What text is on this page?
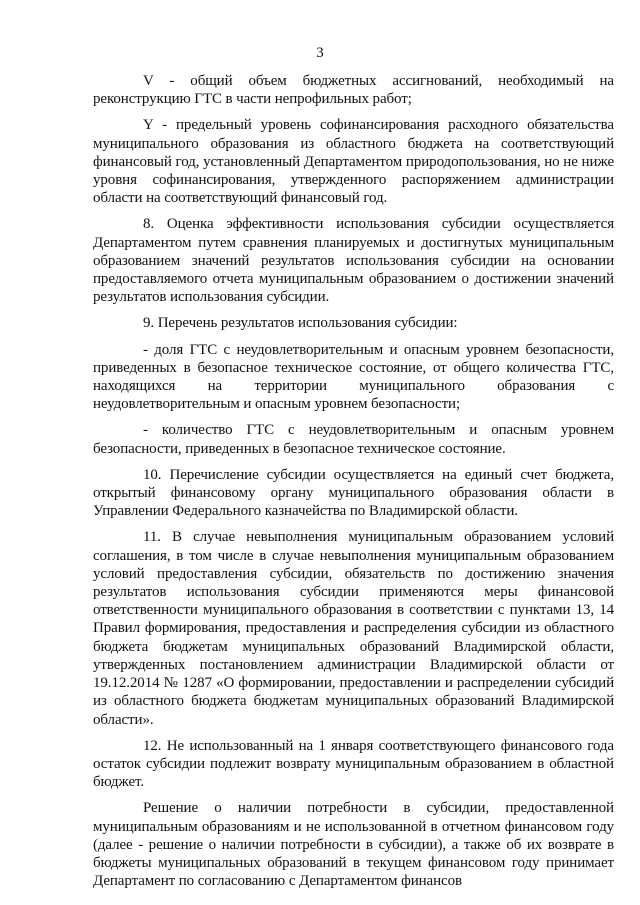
3

V - общий объем бюджетных ассигнований, необходимый на реконструкцию ГТС в части непрофильных работ;

Y - предельный уровень софинансирования расходного обязательства муниципального образования из областного бюджета на соответствующий финансовый год, установленный Департаментом природопользования, но не ниже уровня софинансирования, утвержденного распоряжением администрации области на соответствующий финансовый год.

8. Оценка эффективности использования субсидии осуществляется Департаментом путем сравнения планируемых и достигнутых муниципальным образованием значений результатов использования субсидии на основании предоставляемого отчета муниципальным образованием о достижении значений результатов использования субсидии.

9. Перечень результатов использования субсидии:

- доля ГТС с неудовлетворительным и опасным уровнем безопасности, приведенных в безопасное техническое состояние, от общего количества ГТС, находящихся на территории муниципального образования с неудовлетворительным и опасным уровнем безопасности;

- количество ГТС с неудовлетворительным и опасным уровнем безопасности, приведенных в безопасное техническое состояние.

10. Перечисление субсидии осуществляется на единый счет бюджета, открытый финансовому органу муниципального образования области в Управлении Федерального казначейства по Владимирской области.

11. В случае невыполнения муниципальным образованием условий соглашения, в том числе в случае невыполнения муниципальным образованием условий предоставления субсидии, обязательств по достижению значения результатов использования субсидии применяются меры финансовой ответственности муниципального образования в соответствии с пунктами 13, 14 Правил формирования, предоставления и распределения субсидии из областного бюджета бюджетам муниципальных образований Владимирской области, утвержденных постановлением администрации Владимирской области от 19.12.2014 № 1287 «О формировании, предоставлении и распределении субсидий из областного бюджета бюджетам муниципальных образований Владимирской области».

12. Не использованный на 1 января соответствующего финансового года остаток субсидии подлежит возврату муниципальным образованием в областной бюджет.

Решение о наличии потребности в субсидии, предоставленной муниципальным образованиям и не использованной в отчетном финансовом году (далее - решение о наличии потребности в субсидии), а также об их возврате в бюджеты муниципальных образований в текущем финансовом году принимает Департамент по согласованию с Департаментом финансов
